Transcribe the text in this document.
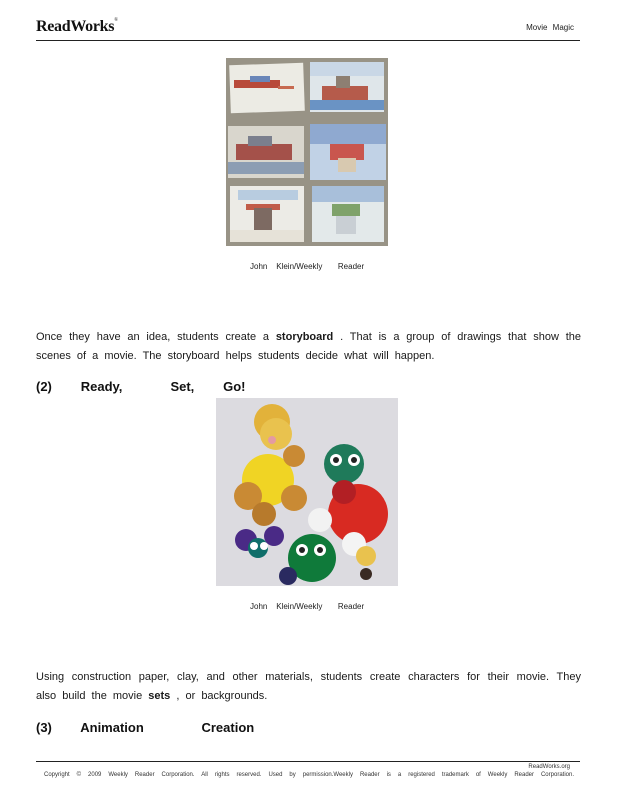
ReadWorks®
Movie Magic
John    Klein/Weekly       Reader

Once they have an idea, students create a storyboard . That is a group of drawings that show the scenes of a movie. The storyboard helps students decide what will happen.

(2)   Ready,     Set,   Go!
John    Klein/Weekly       Reader

Using construction paper, clay, and other materials, students create characters for their movie. They also build the movie sets , or backgrounds.

(3)   Animation      Creation
ReadWorks.org
Copyright © 2009 Weekly Reader Corporation. All rights reserved. Used by permission.Weekly Reader is a registered trademark of Weekly Reader Corporation.
